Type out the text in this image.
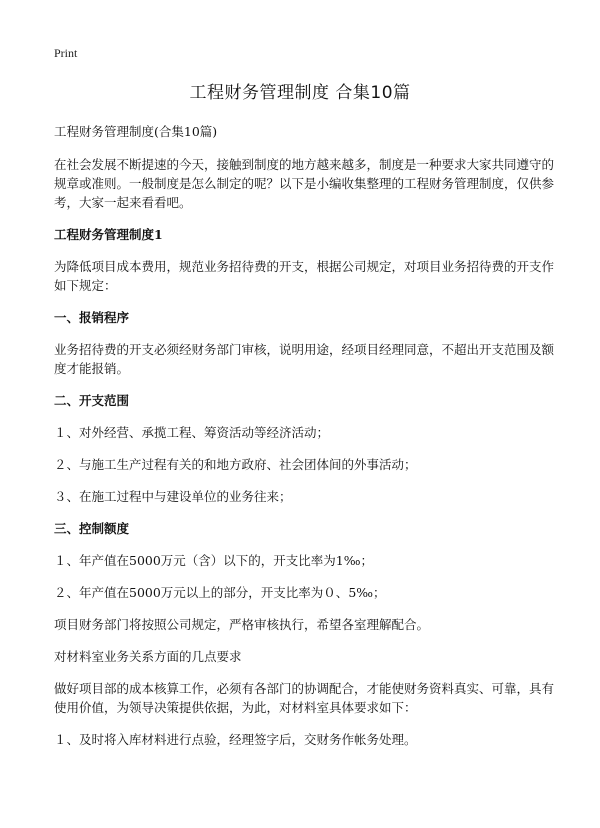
Print
工程财务管理制度 合集10篇
工程财务管理制度(合集10篇)

在社会发展不断提速的今天，接触到制度的地方越来越多，制度是一种要求大家共同遵守的规章或准则。一般制度是怎么制定的呢？以下是小编收集整理的工程财务管理制度，仅供参考，大家一起来看看吧。

工程财务管理制度1

为降低项目成本费用，规范业务招待费的开支，根据公司规定，对项目业务招待费的开支作如下规定：

一、报销程序

业务招待费的开支必须经财务部门审核，说明用途，经项目经理同意，不超出开支范围及额度才能报销。

二、开支范围

１、对外经营、承揽工程、筹资活动等经济活动；

２、与施工生产过程有关的和地方政府、社会团体间的外事活动；

３、在施工过程中与建设单位的业务往来；

三、控制额度

１、年产值在5000万元（含）以下的，开支比率为1‰；

２、年产值在5000万元以上的部分，开支比率为０、5‰；

项目财务部门将按照公司规定，严格审核执行，希望各室理解配合。

对材料室业务关系方面的几点要求

做好项目部的成本核算工作，必须有各部门的协调配合，才能使财务资料真实、可靠，具有使用价值，为领导决策提供依据，为此，对材料室具体要求如下：

１、及时将入库材料进行点验，经理签字后，交财务作帐务处理。
